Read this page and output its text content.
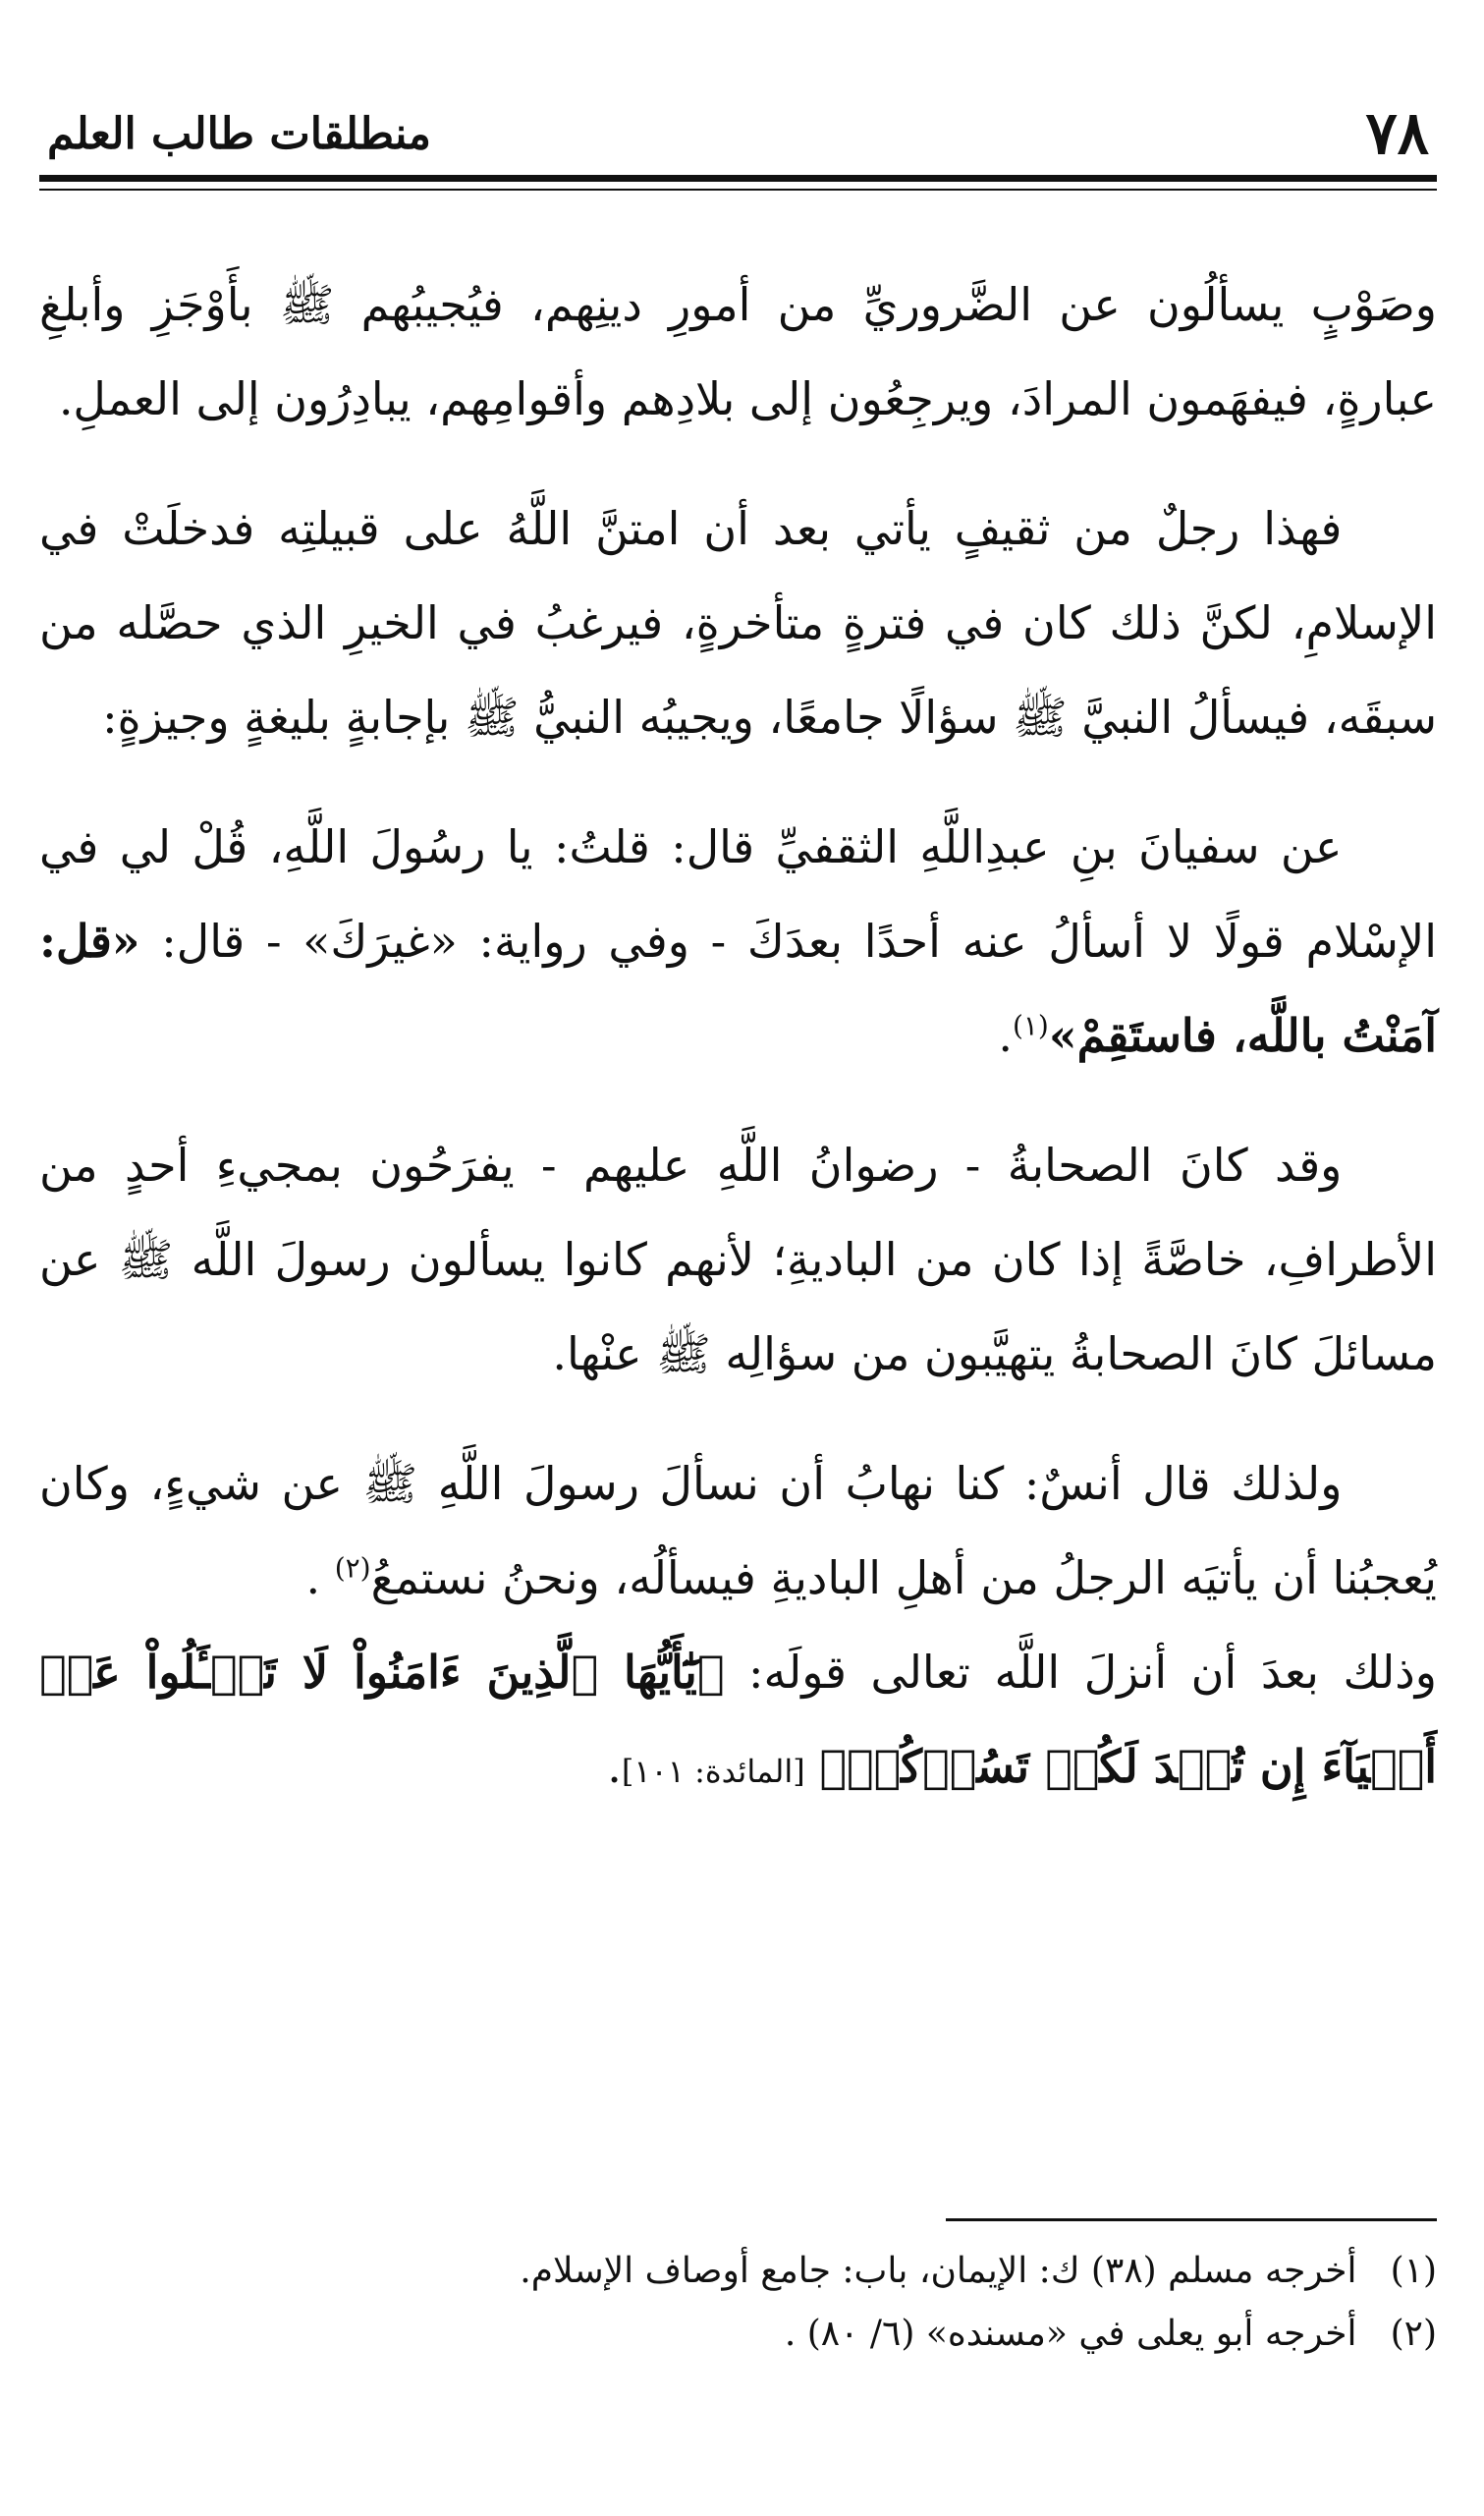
٧٨
منطلقات طالب العلم

وصَوْبٍ يسألُون عن الضَّروريِّ من أمورِ دينِهم، فيُجيبُهم ﷺ بأَوْجَزِ وأبلغِ عبارةٍ، فيفهَمون المرادَ، ويرجِعُون إلى بلادِهم وأقوامِهم، يبادِرُون إلى العملِ.

فهذا رجلٌ من ثقيفٍ يأتي بعد أن امتنَّ اللَّهُ على قبيلتِه فدخلَتْ في الإسلامِ، لكنَّ ذلك كان في فترةٍ متأخرةٍ، فيرغبُ في الخيرِ الذي حصَّله من سبقَه، فيسألُ النبيَّ ﷺ سؤالًا جامعًا، ويجيبُه النبيُّ ﷺ بإجابةٍ بليغةٍ وجيزةٍ:

عن سفيانَ بنِ عبدِاللَّهِ الثقفيِّ قال: قلتُ: يا رسُولَ اللَّهِ، قُلْ لي في الإسْلام قولًا لا أسألُ عنه أحدًا بعدَكَ - وفي رواية: «غيرَكَ» - قال: «قل: آمَنْتُ باللَّه، فاستَقِمْ»$^{(١)}$.

وقد كانَ الصحابةُ - رضوانُ اللَّهِ عليهم - يفرَحُون بمجيءِ أحدٍ من الأطرافِ، خاصَّةً إذا كان من الباديةِ؛ لأنهم كانوا يسألون رسولَ اللَّه ﷺ عن مسائلَ كانَ الصحابةُ يتهيَّبون من سؤالِه ﷺ عنْها.

ولذلك قال أنسٌ: كنا نهابُ أن نسألَ رسولَ اللَّهِ ﷺ عن شيءٍ، وكان يُعجبُنا أن يأتيَه الرجلُ من أهلِ الباديةِ فيسألُه، ونحنُ نستمعُ$^{(٢)}$ .

وذلك بعدَ أن أنزلَ اللَّه تعالى قولَه: ﴿يَٰٓأَيُّهَا ٱلَّذِينَ ءَامَنُواْ لَا تَسۡـَٔلُواْ عَنۡ أَشۡيَآءَ إِن تُبۡدَ لَكُمۡ تَسُؤۡكُمۡ﴾ [المائدة: ١٠١].

(١) أخرجه مسلم (٣٨) ك: الإيمان، باب: جامع أوصاف الإسلام.
(٢) أخرجه أبو يعلى في «مسنده» (٦/ ٨٠) .
